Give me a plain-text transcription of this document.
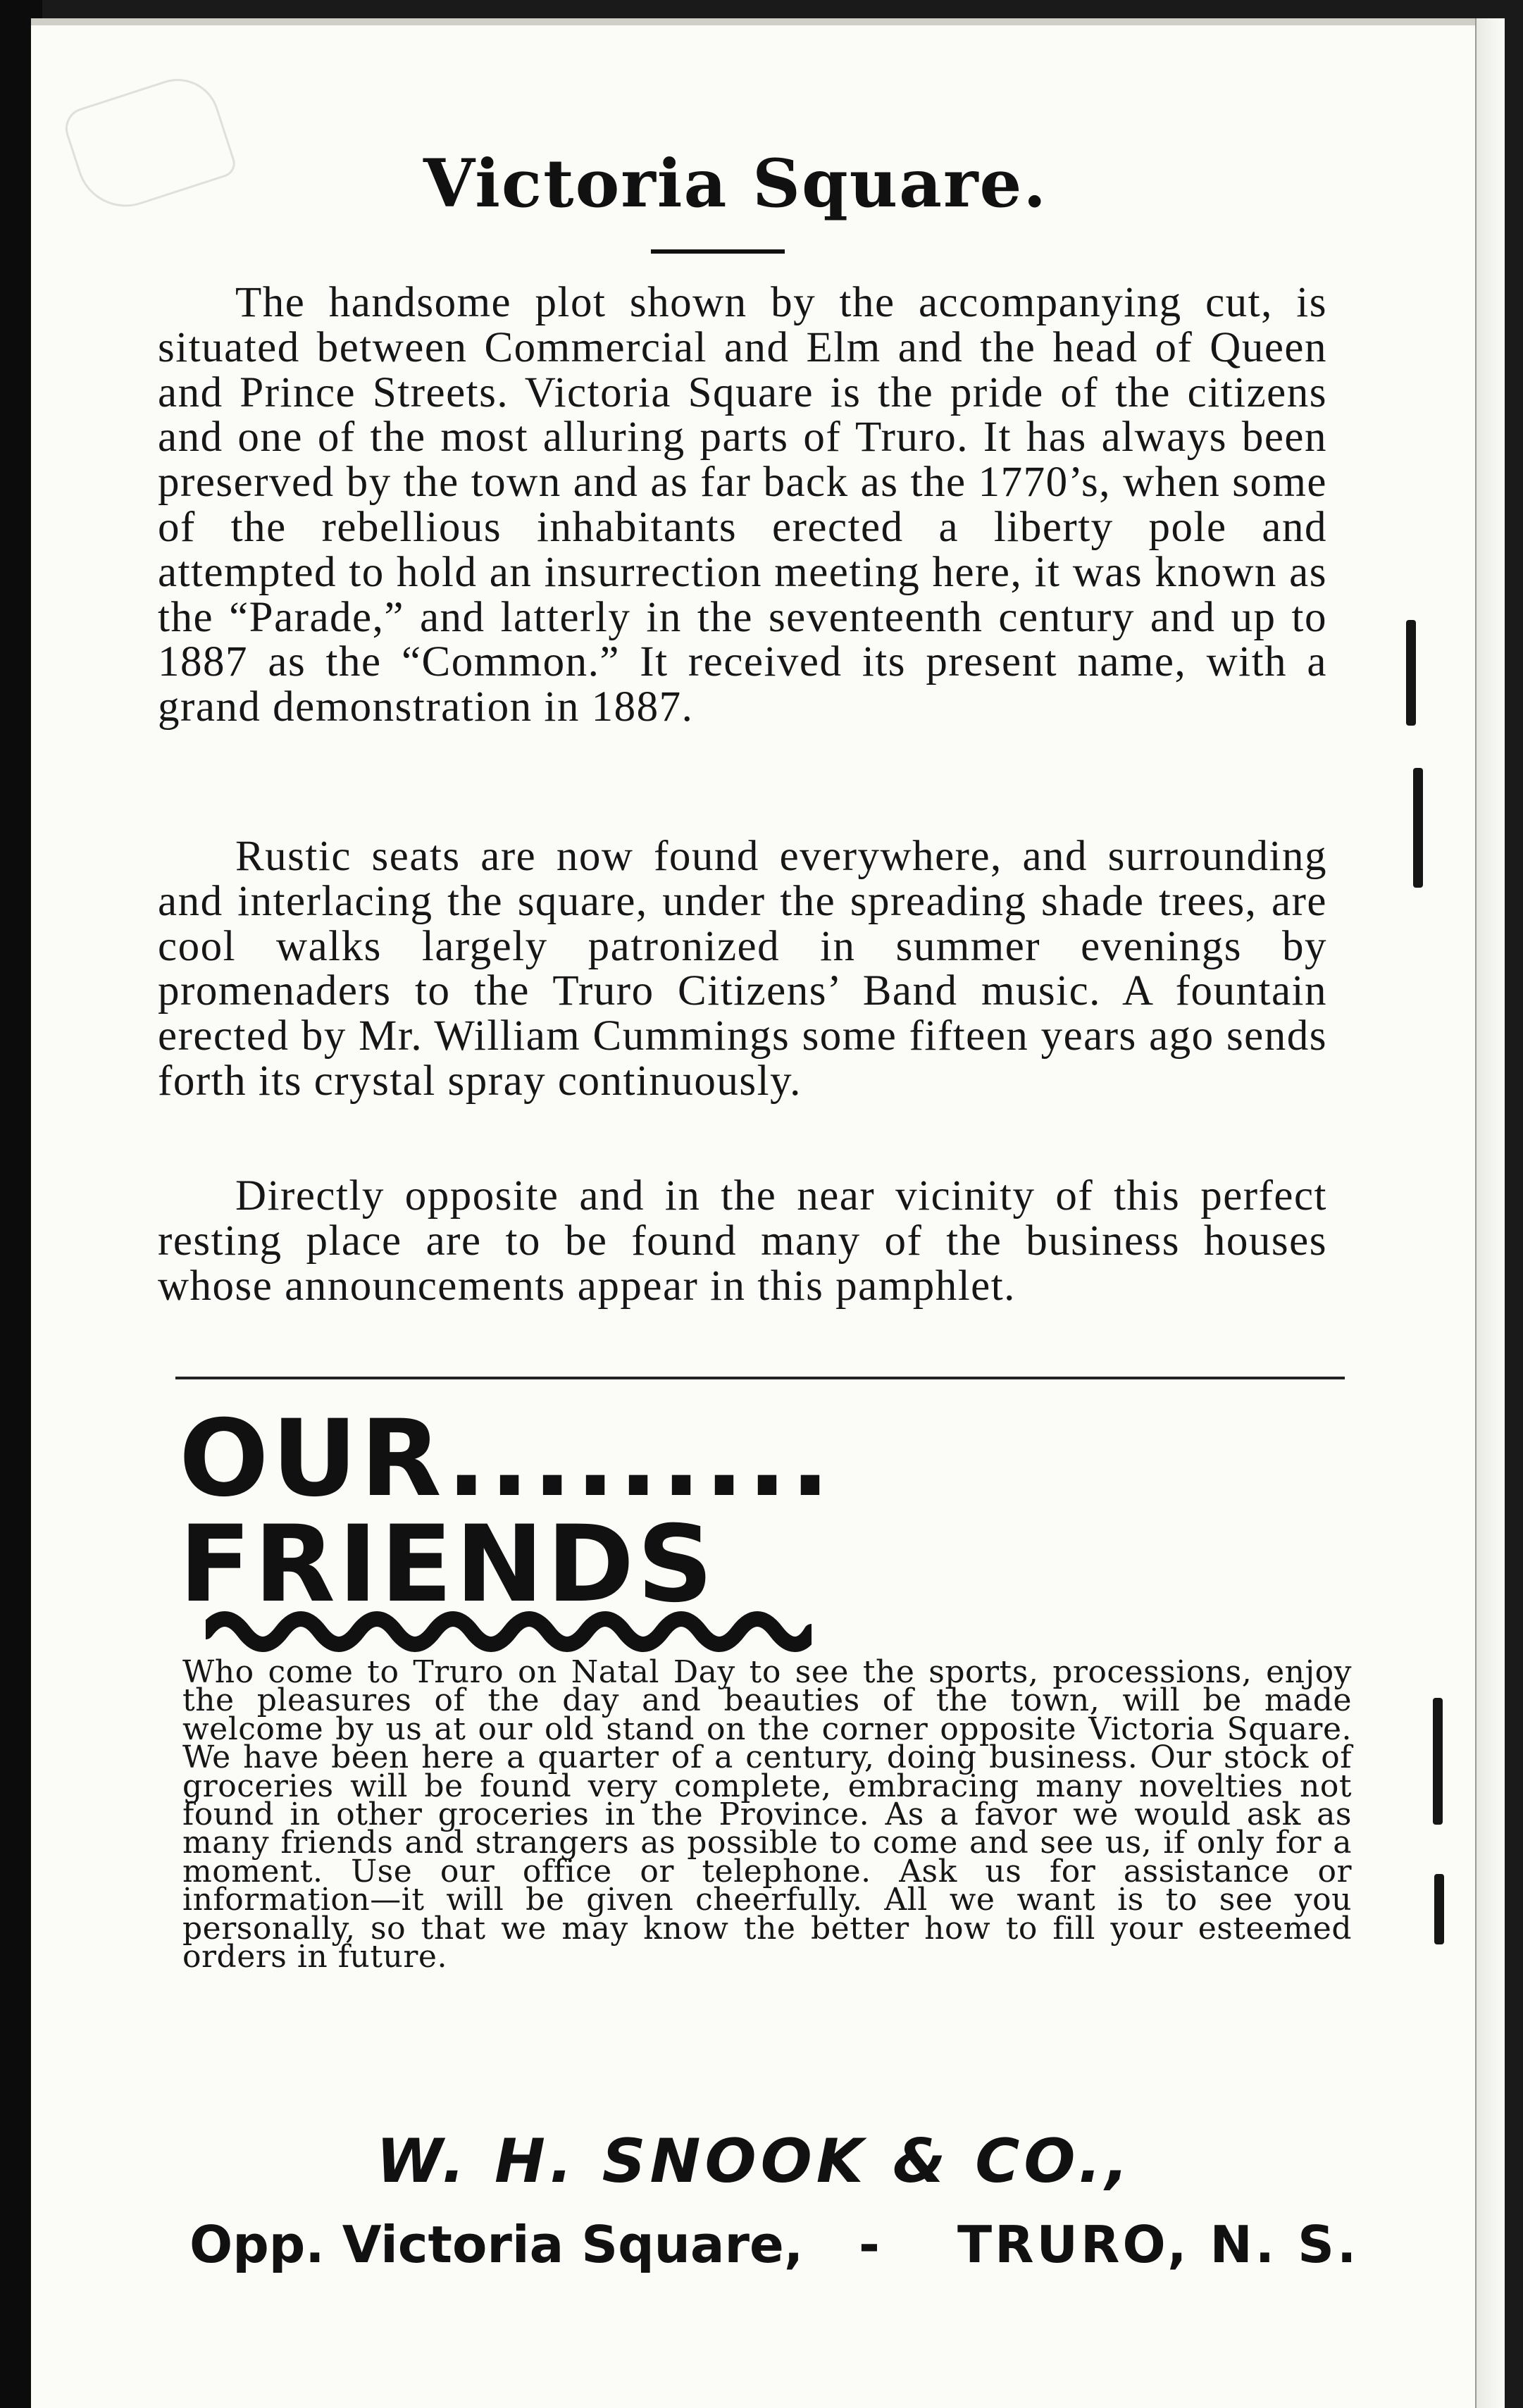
Victoria Square.

The handsome plot shown by the accompanying cut, is situated between Commercial and Elm and the head of Queen and Prince Streets. Victoria Square is the pride of the citizens and one of the most alluring parts of Truro. It has always been preserved by the town and as far back as the 1770’s, when some of the rebellious inhabitants erected a liberty pole and attempted to hold an insurrection meeting here, it was known as the “Parade,” and latterly in the seventeenth century and up to 1887 as the “Common.” It received its present name, with a grand demonstration in 1887.

Rustic seats are now found everywhere, and surrounding and interlacing the square, under the spreading shade trees, are cool walks largely patronized in summer evenings by promenaders to the Truro Citizens’ Band music. A fountain erected by Mr. William Cummings some fifteen years ago sends forth its crystal spray continuously.

Directly opposite and in the near vicinity of this perfect resting place are to be found many of the business houses whose announcements appear in this pamphlet.

OUR.........
FRIENDS

Who come to Truro on Natal Day to see the sports, processions, enjoy the pleasures of the day and beauties of the town, will be made welcome by us at our old stand on the corner opposite Victoria Square. We have been here a quarter of a century, doing business. Our stock of groceries will be found very complete, embracing many novelties not found in other groceries in the Province. As a favor we would ask as many friends and strangers as possible to come and see us, if only for a moment. Use our office or telephone. Ask us for assistance or information—it will be given cheerfully. All we want is to see you personally, so that we may know the better how to fill your esteemed orders in future.

W. H. SNOOK & CO.,

Opp. Victoria Square, - TRURO, N. S.
